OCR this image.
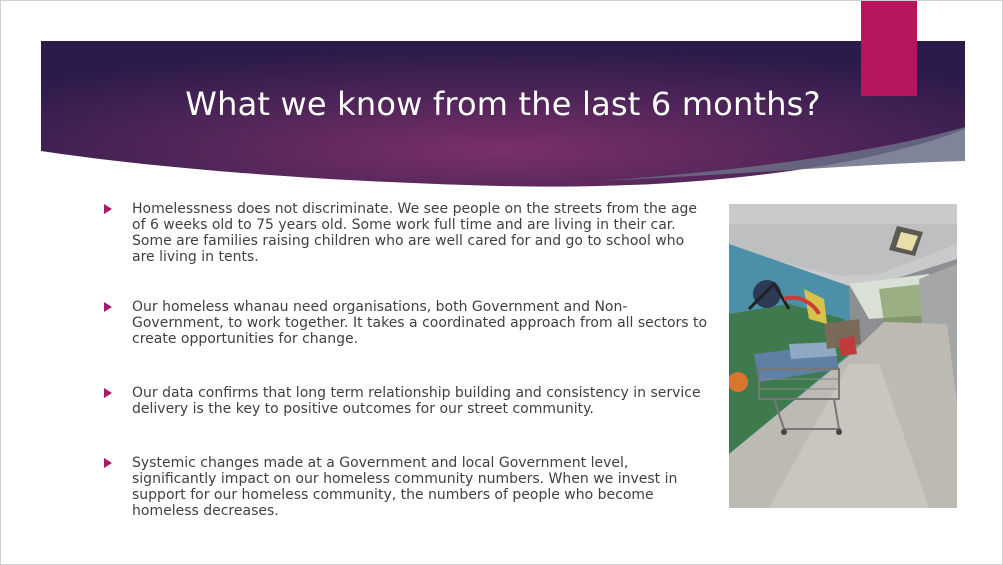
What we know from the last 6 months?
Homelessness does not discriminate. We see people on the streets from the age of 6 weeks old to 75 years old. Some work full time and are living in their car. Some are families raising children who are well cared for and go to school who are living in tents.
Our homeless whanau need organisations, both Government and Non-Government, to work together. It takes a coordinated approach from all sectors to create opportunities for change.
Our data confirms that long term relationship building and consistency in service delivery is the key to positive outcomes for our street community.
Systemic changes made at a Government and local Government level, significantly impact on our homeless community numbers. When we invest in support for our homeless community, the numbers of people who become homeless decreases.
